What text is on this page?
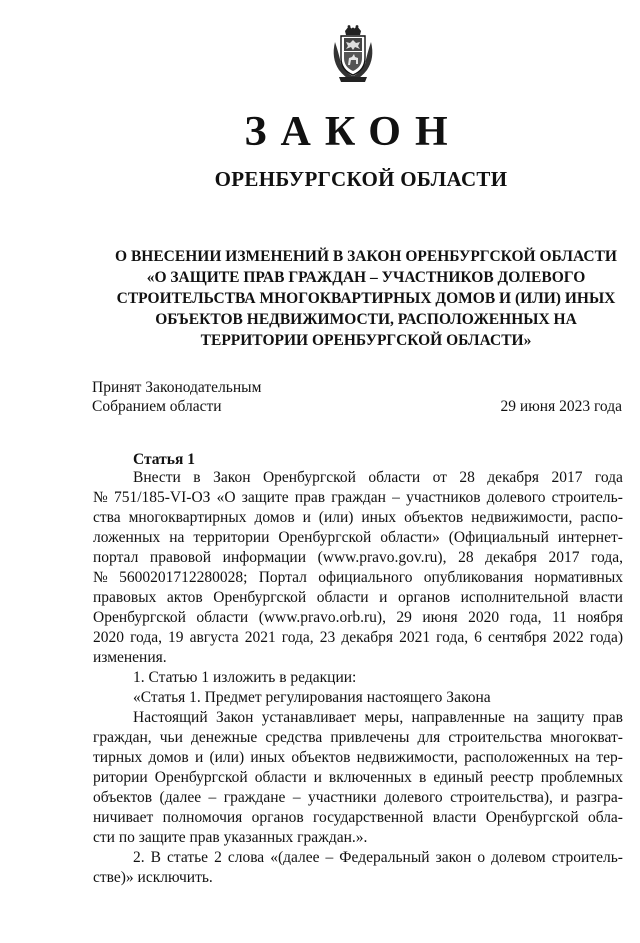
ЗАКОН
ОРЕНБУРГСКОЙ ОБЛАСТИ
О ВНЕСЕНИИ ИЗМЕНЕНИЙ В ЗАКОН ОРЕНБУРГСКОЙ ОБЛАСТИ
«О ЗАЩИТЕ ПРАВ ГРАЖДАН – УЧАСТНИКОВ ДОЛЕВОГО
СТРОИТЕЛЬСТВА МНОГОКВАРТИРНЫХ ДОМОВ И (ИЛИ) ИНЫХ
ОБЪЕКТОВ НЕДВИЖИМОСТИ, РАСПОЛОЖЕННЫХ НА
ТЕРРИТОРИИ ОРЕНБУРГСКОЙ ОБЛАСТИ»
Принят Законодательным
Собранием области	29 июня 2023 года
Статья 1
Внести в Закон Оренбургской области от 28 декабря 2017 года
№ 751/185-VI-ОЗ «О защите прав граждан – участников долевого строитель-
ства многоквартирных домов и (или) иных объектов недвижимости, распо-
ложенных на территории Оренбургской области» (Официальный интернет-
портал правовой информации (www.pravo.gov.ru), 28 декабря 2017 года,
№ 5600201712280028; Портал официального опубликования нормативных
правовых актов Оренбургской области и органов исполнительной власти
Оренбургской области (www.pravo.orb.ru), 29 июня 2020 года, 11 ноября
2020 года, 19 августа 2021 года, 23 декабря 2021 года, 6 сентября 2022 года)
изменения.
1. Статью 1 изложить в редакции:
«Статья 1. Предмет регулирования настоящего Закона
Настоящий Закон устанавливает меры, направленные на защиту прав
граждан, чьи денежные средства привлечены для строительства многокват-
тирных домов и (или) иных объектов недвижимости, расположенных на тер-
ритории Оренбургской области и включенных в единый реестр проблемных
объектов (далее – граждане – участники долевого строительства), и разгра-
ничивает полномочия органов государственной власти Оренбургской обла-
сти по защите прав указанных граждан.».
2. В статье 2 слова «(далее – Федеральный закон о долевом строитель-
стве)» исключить.
